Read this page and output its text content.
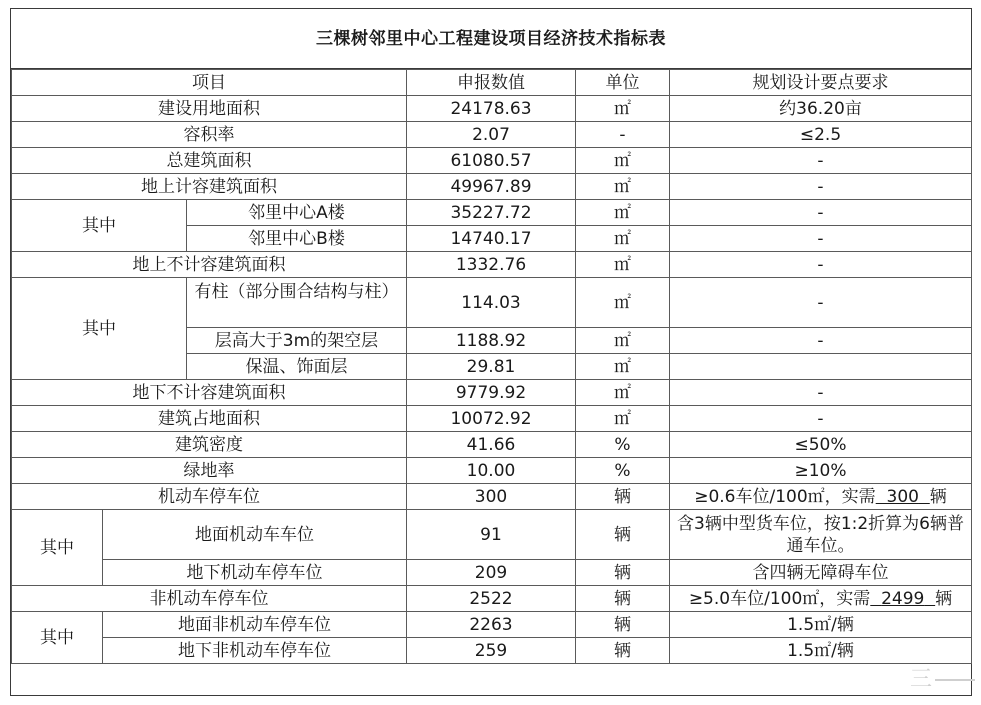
三棵树邻里中心工程建设项目经济技术指标表
项目			申报数值	单位	规划设计要点要求
建设用地面积			24178.63	㎡	约36.20亩
容积率			2.07	-	≤2.5
总建筑面积			61080.57	㎡	-
地上计容建筑面积			49967.89	㎡	-
其中		邻里中心A楼	35227.72	㎡	-
		邻里中心B楼	14740.17	㎡	-
地上不计容建筑面积			1332.76	㎡	-
其中		有柱（部分围合结构与柱）	114.03	㎡	-
		层高大于3m的架空层	1188.92	㎡	-
		保温、饰面层	29.81	㎡	
地下不计容建筑面积			9779.92	㎡	-
建筑占地面积			10072.92	㎡	-
建筑密度			41.66	%	≤50%
绿地率			10.00	%	≥10%
机动车停车位			300	辆	≥0.6车位/100㎡，实需 300 辆
其中	地面机动车车位		91	辆	含3辆中型货车位，按1:2折算为6辆普通车位。

	地下机动车停车位		209	辆	含四辆无障碍车位
非机动车停车位			2522	辆	≥5.0车位/100㎡，实需 2499 辆
其中	地面非机动车停车位		2263	辆	1.5㎡/辆
	地下非机动车停车位		259	辆	1.5㎡/辆
三
